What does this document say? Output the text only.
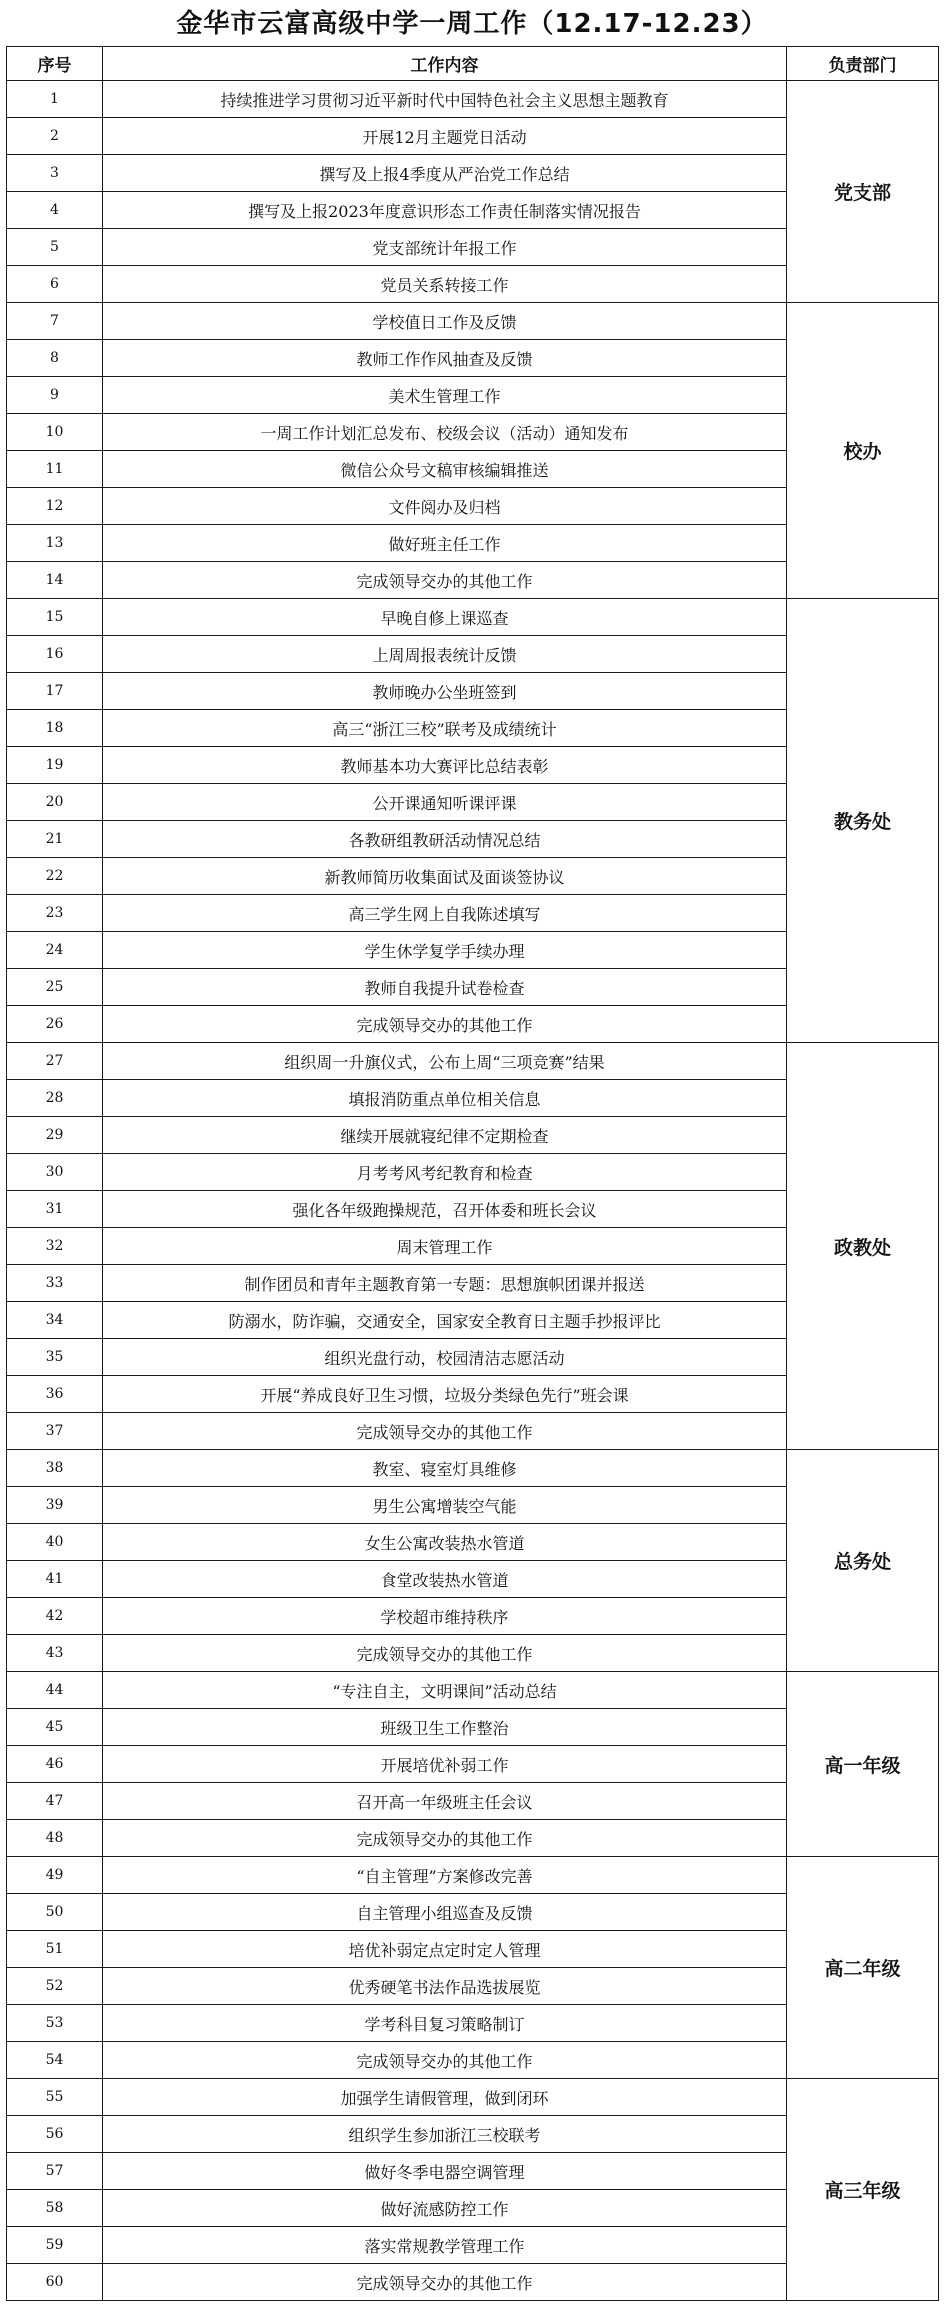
金华市云富高级中学一周工作（12.17-12.23）
序号	工作内容	负责部门
1	持续推进学习贯彻习近平新时代中国特色社会主义思想主题教育	党支部
2	开展12月主题党日活动	
3	撰写及上报4季度从严治党工作总结	
4	撰写及上报2023年度意识形态工作责任制落实情况报告	
5	党支部统计年报工作	
6	党员关系转接工作	
7	学校值日工作及反馈	校办
8	教师工作作风抽查及反馈	
9	美术生管理工作	
10	一周工作计划汇总发布、校级会议（活动）通知发布	
11	微信公众号文稿审核编辑推送	
12	文件阅办及归档	
13	做好班主任工作	
14	完成领导交办的其他工作	
15	早晚自修上课巡查	教务处
16	上周周报表统计反馈	
17	教师晚办公坐班签到	
18	高三“浙江三校”联考及成绩统计	
19	教师基本功大赛评比总结表彰	
20	公开课通知听课评课	
21	各教研组教研活动情况总结	
22	新教师简历收集面试及面谈签协议	
23	高三学生网上自我陈述填写	
24	学生休学复学手续办理	
25	教师自我提升试卷检查	
26	完成领导交办的其他工作	
27	组织周一升旗仪式，公布上周“三项竞赛”结果	政教处
28	填报消防重点单位相关信息	
29	继续开展就寝纪律不定期检查	
30	月考考风考纪教育和检查	
31	强化各年级跑操规范，召开体委和班长会议	
32	周末管理工作	
33	制作团员和青年主题教育第一专题：思想旗帜团课并报送	
34	防溺水，防诈骗，交通安全，国家安全教育日主题手抄报评比	
35	组织光盘行动，校园清洁志愿活动	
36	开展“养成良好卫生习惯，垃圾分类绿色先行”班会课	
37	完成领导交办的其他工作	
38	教室、寝室灯具维修	总务处
39	男生公寓增装空气能	
40	女生公寓改装热水管道	
41	食堂改装热水管道	
42	学校超市维持秩序	
43	完成领导交办的其他工作	
44	“专注自主，文明课间”活动总结	高一年级
45	班级卫生工作整治	
46	开展培优补弱工作	
47	召开高一年级班主任会议	
48	完成领导交办的其他工作	
49	“自主管理”方案修改完善	高二年级
50	自主管理小组巡查及反馈	
51	培优补弱定点定时定人管理	
52	优秀硬笔书法作品选拔展览	
53	学考科目复习策略制订	
54	完成领导交办的其他工作	
55	加强学生请假管理，做到闭环	高三年级
56	组织学生参加浙江三校联考	
57	做好冬季电器空调管理	
58	做好流感防控工作	
59	落实常规教学管理工作	
60	完成领导交办的其他工作	
